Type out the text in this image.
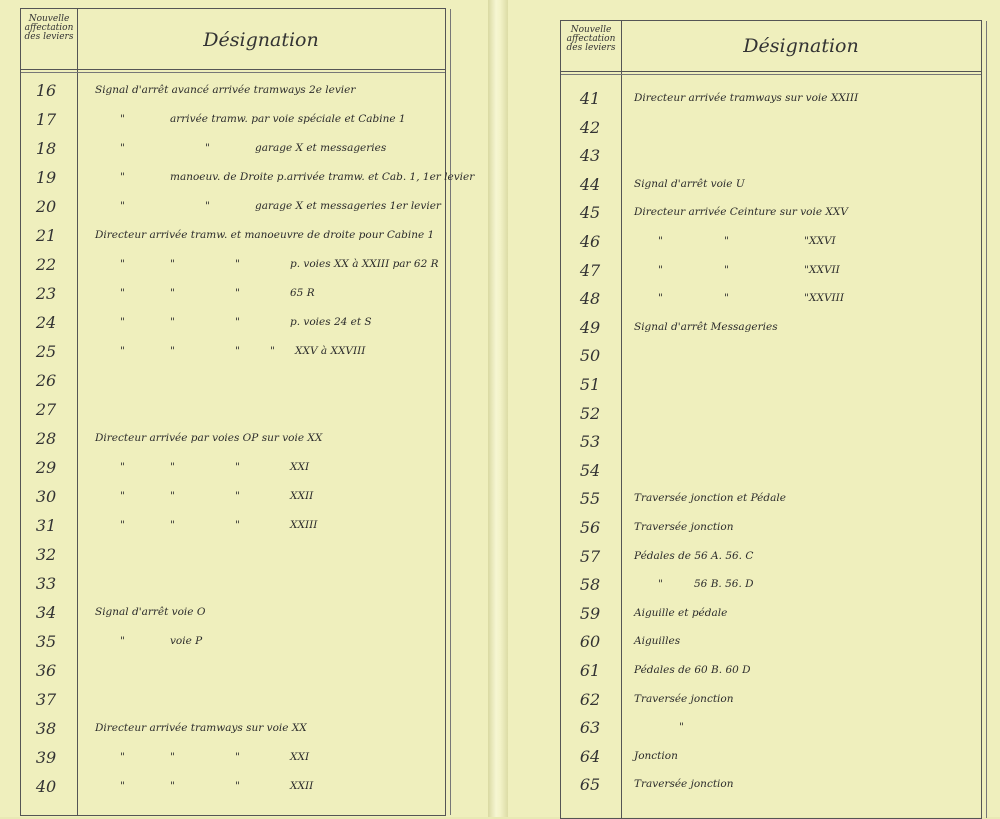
Nouvelle
affectation
des leviers	Désignation	Nouvelle
affectation
des leviers	Désignation
16	Signal d'arrêt avancé arrivée tramways 2e levier
17	"	arrivée tramw. par voie spéciale et Cabine 1
18	"	"	garage X et messageries
19	"	manoeuv. de Droite p.arrivée tramw. et Cab. 1, 1er levier
20	"	"	garage X et messageries 1er levier
21	Directeur arrivée tramw. et manoeuvre de droite pour Cabine 1
22	"	"	"	p. voies XX à XXIII par 62 R
23	"	"	"	65 R
24	"	"	"	p. voies 24 et S
25	"	"	"	" XXV à XXVIII
26
27
28	Directeur arrivée par voies OP sur voie XX
29	"	"	"	XXI
30	"	"	"	XXII
31	"	"	"	XXIII
32
33
34	Signal d'arrêt voie O
35	"	voie P
36
37
38	Directeur arrivée tramways sur voie XX
39	"	"	"	XXI
40	"	"	"	XXII
41	Directeur arrivée tramways sur voie XXIII
42
43
44	Signal d'arrêt voie U
45	Directeur arrivée Ceinture sur voie XXV
46	"	"	" XXVI
47	"	"	" XXVII
48	"	"	" XXVIII
49	Signal d'arrêt Messageries
50
51
52
53
54
55	Traversée jonction et Pédale
56	Traversée jonction
57	Pédales de 56 A. 56. C
58	"	56 B. 56. D
59	Aiguille et pédale
60	Aiguilles
61	Pédales de 60 B. 60 D
62	Traversée jonction
63	"
64	Jonction
65	Traversée jonction
